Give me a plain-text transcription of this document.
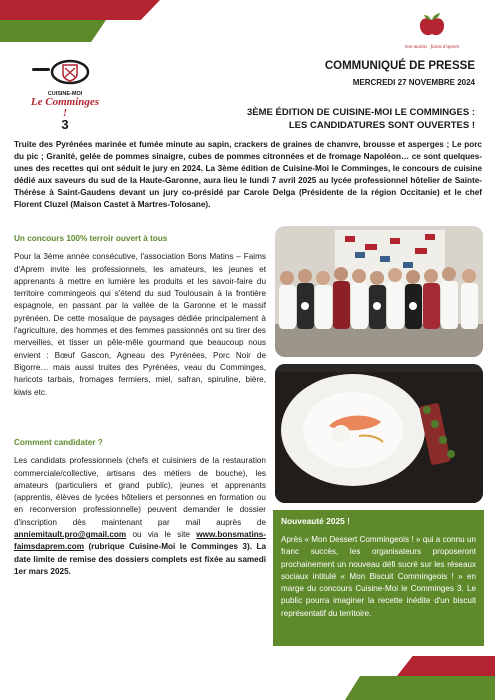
bon matins · faims d'aprem
CUISINE-MOI
Le Comminges !
3
COMMUNIQUÉ DE PRESSE
MERCREDI 27 NOVEMBRE 2024
3ÈME ÉDITION DE CUISINE-MOI LE COMMINGES :
LES CANDIDATURES SONT OUVERTES !
Truite des Pyrénées marinée et fumée minute au sapin, crackers de graines de chanvre, brousse et asperges ; Le porc du pic ; Granité, gelée de pommes sinaigre, cubes de pommes citronnées et de fromage Napoléon… ce sont quelques-unes des recettes qui ont séduit le jury en 2024. La 3ème édition de Cuisine-Moi le Comminges, le concours de cuisine dédié aux saveurs du sud de la Haute-Garonne, aura lieu le lundi 7 avril 2025 au lycée professionnel hôtelier de Sainte-Thérèse à Saint-Gaudens devant un jury co-présidé par Carole Delga (Présidente de la région Occitanie) et le chef Florent Cluzel (Maison Castet à Martres-Tolosane).
Un concours 100% terroir ouvert à tous

Pour la 3ème année consécutive, l'association Bons Matins – Faims d'Aprem invite les professionnels, les amateurs, les jeunes et apprenants à mettre en lumière les produits et les savoir-faire du territoire commingeois qui s'étend du sud Toulousain à la frontière espagnole, en passant par la vallée de la Garonne et le massif pyrénéen. De cette mosaïque de paysages dédiée principalement à l'agriculture, des hommes et des femmes passionnés ont su tirer des merveilles, et tisser un pêle-mêle gourmand que beaucoup nous envient : Bœuf Gascon, Agneau des Pyrénées, Porc Noir de Bigorre… mais aussi truites des Pyrénées, veau du Comminges, haricots tarbais, fromages fermiers, miel, safran, spiruline, bière, kiwis etc.

Comment candidater ?

Les candidats professionnels (chefs et cuisiniers de la restauration commerciale/collective, artisans des métiers de bouche), les amateurs (particuliers et grand public), jeunes et apprenants (apprentis, élèves de lycées hôteliers et personnes en formation ou en reconversion professionnelle) peuvent demander le dossier d'inscription dès maintenant par mail auprès de anniemitault.pro@gmail.com ou via le site www.bonsmatins-faimsdaprem.com (rubrique Cuisine-Moi le Comminges 3). La date limite de remise des dossiers complets est fixée au samedi 1er mars 2025.

Nouveauté 2025 !
Après « Mon Dessert Commingeois ! » qui a connu un franc succès, les organisateurs proposeront prochainement un nouveau défi sucré sur les réseaux sociaux intitulé « Mon Biscuit Commingeois ! » en marge du concours Cuisine-Moi le Comminges 3. Le public pourra imaginer la recette inédite d'un biscuit représentatif du territoire.
